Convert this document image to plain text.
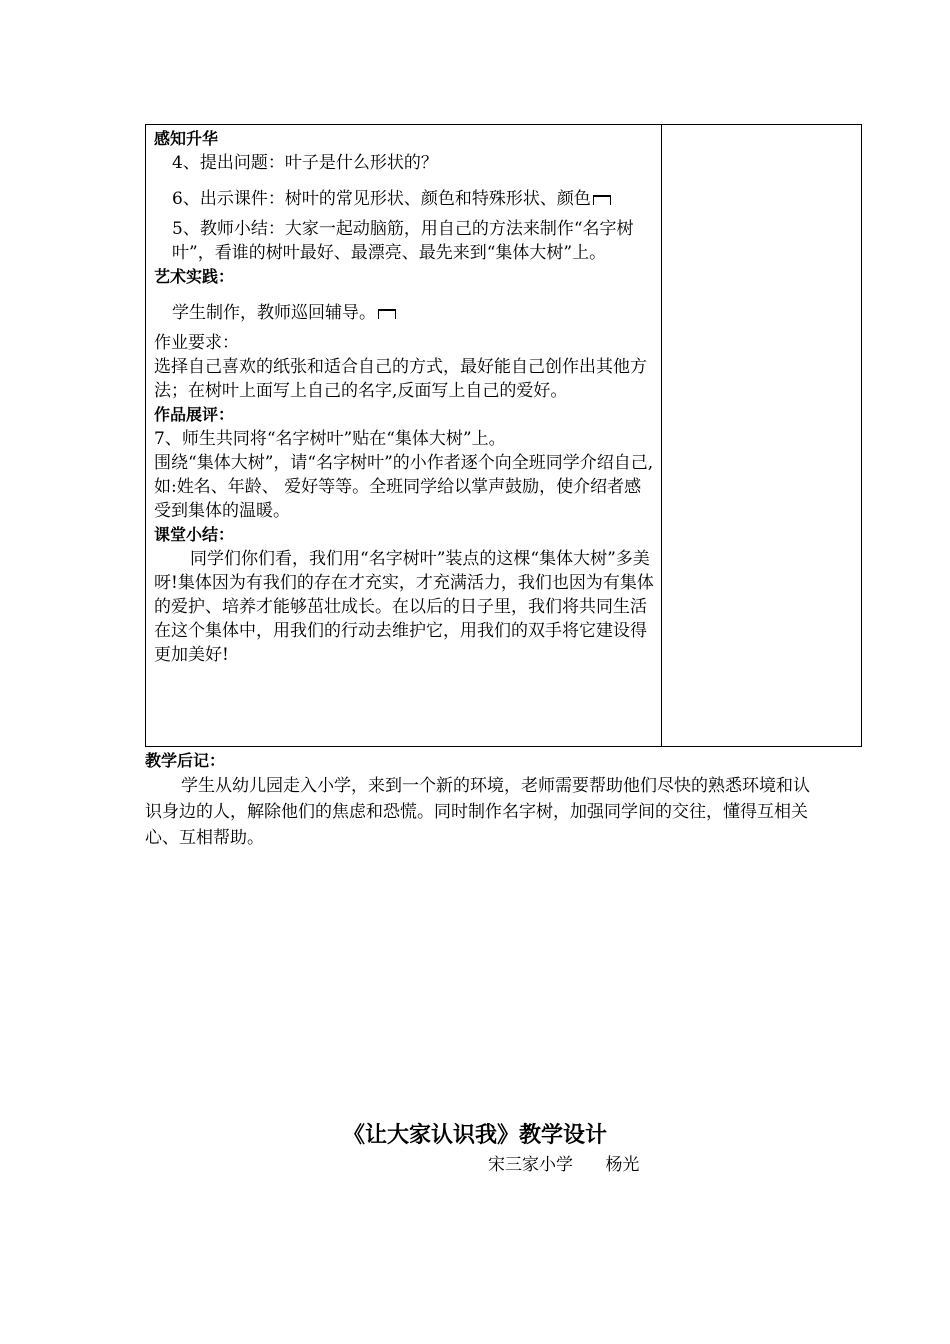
感知升华

4、提出问题：叶子是什么形状的？

6、出示课件：树叶的常见形状、颜色和特殊形状、颜色

5、教师小结：大家一起动脑筋，用自己的方法来制作“名字树叶”，看谁的树叶最好、最漂亮、最先来到“集体大树”上。

艺术实践：

学生制作，教师巡回辅导。

作业要求：

选择自己喜欢的纸张和适合自己的方式，最好能自己创作出其他方法；在树叶上面写上自己的名字,反面写上自己的爱好。

作品展评：

7、师生共同将“名字树叶”贴在“集体大树”上。

围绕“集体大树”，请“名字树叶”的小作者逐个向全班同学介绍自己,如:姓名、年龄、 爱好等等。全班同学给以掌声鼓励，使介绍者感受到集体的温暖。

课堂小结：

同学们你们看，我们用“名字树叶”装点的这棵“集体大树”多美呀!集体因为有我们的存在才充实，才充满活力，我们也因为有集体的爱护、培养才能够茁壮成长。在以后的日子里，我们将共同生活在这个集体中，用我们的行动去维护它，用我们的双手将它建设得更加美好!

教学后记：

学生从幼儿园走入小学，来到一个新的环境，老师需要帮助他们尽快的熟悉环境和认识身边的人，解除他们的焦虑和恐慌。同时制作名字树，加强同学间的交往，懂得互相关心、互相帮助。

《让大家认识我》教学设计
宋三家小学 杨光
